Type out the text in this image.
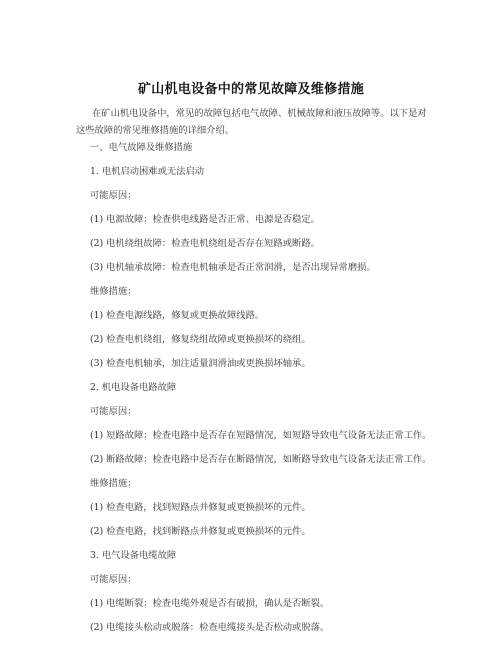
矿山机电设备中的常见故障及维修措施

在矿山机电设备中，常见的故障包括电气故障、机械故障和液压故障等。以下是对这些故障的常见维修措施的详细介绍。

一、电气故障及维修措施

1. 电机启动困难或无法启动

可能原因：

(1) 电源故障：检查供电线路是否正常、电源是否稳定。

(2) 电机绕组故障：检查电机绕组是否存在短路或断路。

(3) 电机轴承故障：检查电机轴承是否正常润滑，是否出现异常磨损。

维修措施：

(1) 检查电源线路，修复或更换故障线路。

(2) 检查电机绕组，修复绕组故障或更换损坏的绕组。

(3) 检查电机轴承，加注适量润滑油或更换损坏轴承。

2. 机电设备电路故障

可能原因：

(1) 短路故障：检查电路中是否存在短路情况，如短路导致电气设备无法正常工作。

(2) 断路故障：检查电路中是否存在断路情况，如断路导致电气设备无法正常工作。

维修措施：

(1) 检查电路，找到短路点并修复或更换损坏的元件。

(2) 检查电路，找到断路点并修复或更换损坏的元件。

3. 电气设备电缆故障

可能原因：

(1) 电缆断裂：检查电缆外观是否有破损，确认是否断裂。

(2) 电缆接头松动或脱落：检查电缆接头是否松动或脱落。
